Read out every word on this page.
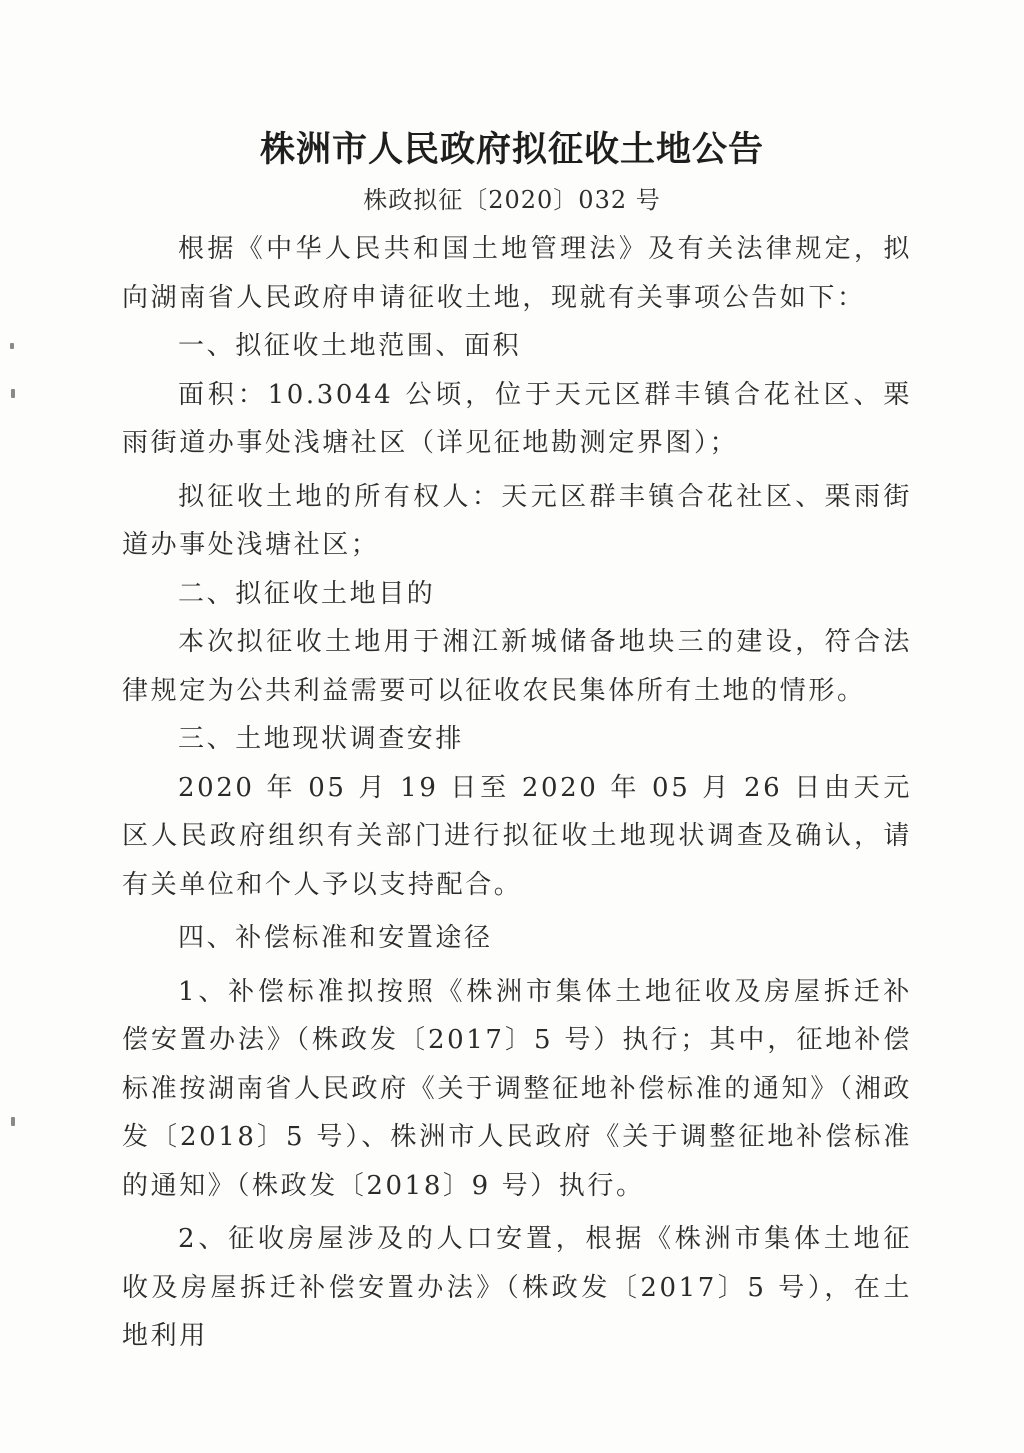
株洲市人民政府拟征收土地公告
株政拟征〔2020〕032 号

根据《中华人民共和国土地管理法》及有关法律规定，拟向湖南省人民政府申请征收土地，现就有关事项公告如下：

一、拟征收土地范围、面积

面积：10.3044 公顷，位于天元区群丰镇合花社区、栗雨街道办事处浅塘社区（详见征地勘测定界图）；

拟征收土地的所有权人：天元区群丰镇合花社区、栗雨街道办事处浅塘社区；

二、拟征收土地目的

本次拟征收土地用于湘江新城储备地块三的建设，符合法律规定为公共利益需要可以征收农民集体所有土地的情形。

三、土地现状调查安排

2020 年 05 月 19 日至 2020 年 05 月 26 日由天元区人民政府组织有关部门进行拟征收土地现状调查及确认，请有关单位和个人予以支持配合。

四、补偿标准和安置途径

1、补偿标准拟按照《株洲市集体土地征收及房屋拆迁补偿安置办法》（株政发〔2017〕5 号）执行；其中，征地补偿标准按湖南省人民政府《关于调整征地补偿标准的通知》（湘政发〔2018〕5 号）、株洲市人民政府《关于调整征地补偿标准的通知》（株政发〔2018〕9 号）执行。

2、征收房屋涉及的人口安置，根据《株洲市集体土地征收及房屋拆迁补偿安置办法》（株政发〔2017〕5 号），在土地利用
